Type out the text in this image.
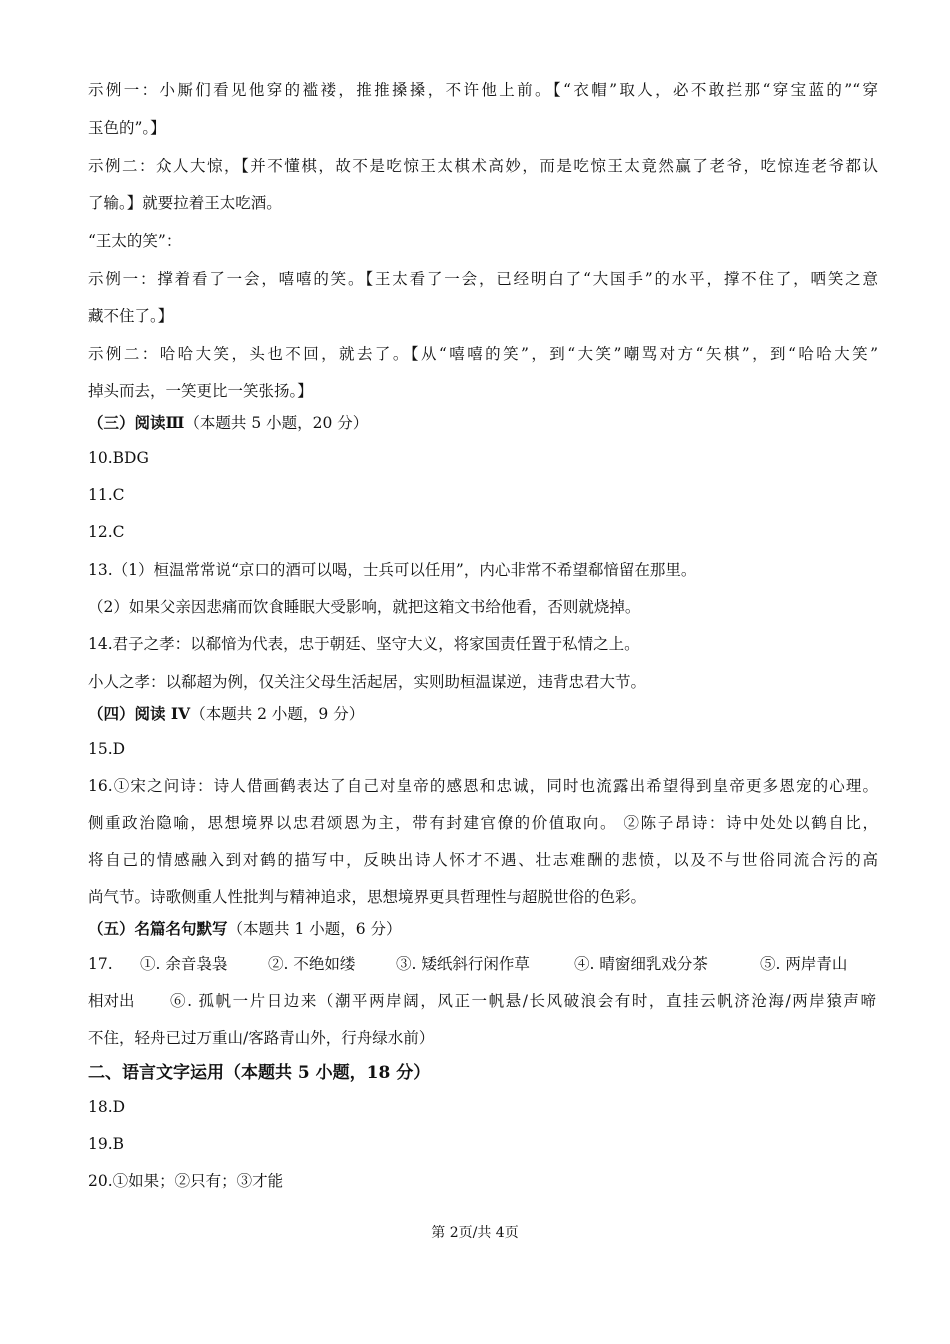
示例一：小厮们看见他穿的褴褛，推推搡搡，不许他上前。【“衣帽”取人，必不敢拦那“穿宝蓝的”“穿
玉色的”。】
示例二：众人大惊，【并不懂棋，故不是吃惊王太棋术高妙，而是吃惊王太竟然赢了老爷，吃惊连老爷都认
了输。】就要拉着王太吃酒。
“王太的笑”：
示例一：撑着看了一会，嘻嘻的笑。【王太看了一会，已经明白了“大国手”的水平，撑不住了，哂笑之意
藏不住了。】
示例二：哈哈大笑，头也不回，就去了。【从“嘻嘻的笑”，到“大笑”嘲骂对方“矢棋”，到“哈哈大笑”
掉头而去，一笑更比一笑张扬。】
（三）阅读Ⅲ（本题共 5 小题，20 分）
10.BDG
11.C
12.C
13.（1）桓温常常说“京口的酒可以喝，士兵可以任用”，内心非常不希望郗愔留在那里。
（2）如果父亲因悲痛而饮食睡眠大受影响，就把这箱文书给他看，否则就烧掉。
14.君子之孝：以郗愔为代表，忠于朝廷、坚守大义，将家国责任置于私情之上。
小人之孝：以郗超为例，仅关注父母生活起居，实则助桓温谋逆，违背忠君大节。
（四）阅读 IV（本题共 2 小题，9 分）
15.D
16.①宋之问诗：诗人借画鹤表达了自己对皇帝的感恩和忠诚，同时也流露出希望得到皇帝更多恩宠的心理。
侧重政治隐喻，思想境界以忠君颂恩为主，带有封建官僚的价值取向。 ②陈子昂诗：诗中处处以鹤自比，
将自己的情感融入到对鹤的描写中，反映出诗人怀才不遇、壮志难酬的悲愤，以及不与世俗同流合污的高
尚气节。诗歌侧重人性批判与精神追求，思想境界更具哲理性与超脱世俗的色彩。
（五）名篇名句默写（本题共 1 小题，6 分）
17. ①. 余音袅袅	②. 不绝如缕	③. 矮纸斜行闲作草	④. 晴窗细乳戏分茶	⑤. 两岸青山
相对出 ⑥. 孤帆一片日边来（潮平两岸阔，风正一帆悬/长风破浪会有时，直挂云帆济沧海/两岸猿声啼
不住，轻舟已过万重山/客路青山外，行舟绿水前）
二、语言文字运用（本题共 5 小题，18 分）
18.D
19.B
20.①如果；②只有；③才能
第 2页/共 4页
